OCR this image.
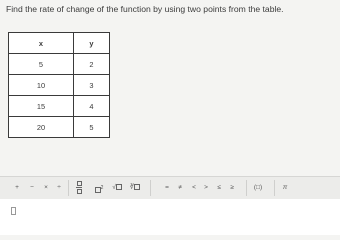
Find the rate of change of the function by using two points from the table.
x	y
5	2
10	3
15	4
20	5
+	−	×	÷	$^2$	√	∛	=	≠	<	>	≤	≥	(□)	π
